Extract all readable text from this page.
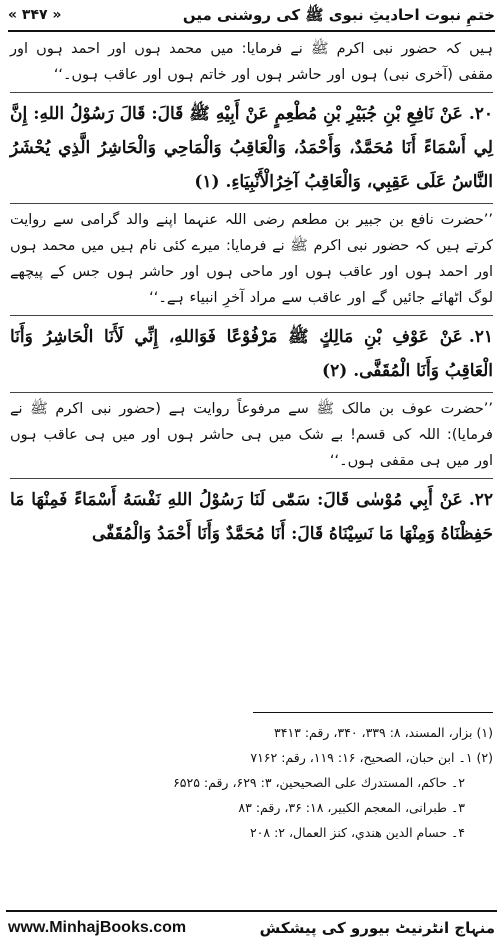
ختمِ نبوت احادیثِ نبوی ﷺ کی روشنی میں
« ۳۴۷ »

ہیں کہ حضور نبی اکرم ﷺ نے فرمایا: میں محمد ہوں اور احمد ہوں اور مقفی (آخری نبی) ہوں اور حاشر ہوں اور خاتم ہوں اور عاقب ہوں۔‘‘

۲۰.عَنْ نَافِعِ بْنِ جُبَيْرِ بْنِ مُطْعِمٍ عَنْ أَبِيْهِ ﷺ قَالَ: قَالَ رَسُوْلُ اللهِ: إِنَّ لِي أَسْمَاءً أَنَا مُحَمَّدٌ، وَأَحْمَدُ، وَالْعَاقِبُ وَالْمَاحِي وَالْحَاشِرُ الَّذِي يُحْشَرُ النَّاسُ عَلَى عَقِبِي، وَالْعَاقِبُ آخِرُالْأَنْبِيَاءِ. (۱)

’’حضرت نافع بن جبیر بن مطعم رضی اللہ عنہما اپنے والد گرامی سے روایت کرتے ہیں کہ حضور نبی اکرم ﷺ نے فرمایا: میرے کئی نام ہیں میں محمد ہوں اور احمد ہوں اور عاقب ہوں اور ماحی ہوں اور حاشر ہوں جس کے پیچھے لوگ اٹھائے جائیں گے اور عاقب سے مراد آخرِ انبیاء ہے۔‘‘

۲۱.عَنْ عَوْفِ بْنِ مَالِكٍ ﷺ مَرْفُوْعًا فَوَاللهِ، إِنِّي لَأَنَا الْحَاشِرُ وَأَنَا الْعَاقِبُ وَأَنَا الْمُقَفَّى. (۲)

’’حضرت عوف بن مالک ﷺ سے مرفوعاً روایت ہے (حضور نبی اکرم ﷺ نے فرمایا): اللہ کی قسم! بے شک میں ہی حاشر ہوں اور میں ہی عاقب ہوں اور میں ہی مقفی ہوں۔‘‘

۲۲.عَنْ أَبِي مُوْسٰى قَالَ: سَمّٰى لَنَا رَسُوْلُ اللهِ نَفْسَهُ أَسْمَاءً فَمِنْهَا مَا حَفِظْنَاهُ وَمِنْهَا مَا نَسِيْنَاهُ قَالَ: أَنَا مُحَمَّدٌ وَأَنَا أَحْمَدُ وَالْمُقَفّٰى

(۱) بزار، المسند، ۸: ۳۳۹، ۳۴۰، رقم: ۳۴۱۳
(۲) ۱۔ ابن حبان، الصحيح، ۱۶: ۱۱۹، رقم: ۷۱۶۲
۲۔ حاکم، المستدرك علی الصحيحين، ۳: ۶۲۹، رقم: ۶۵۲۵
۳۔ طبرانی، المعجم الکبير، ۱۸: ۳۶، رقم: ۸۳
۴۔ حسام الدين هندي، کنز العمال، ۲: ۲۰۸
www.MinhajBooks.com	منہاج انٹرنیٹ بیورو کی پیشکش
